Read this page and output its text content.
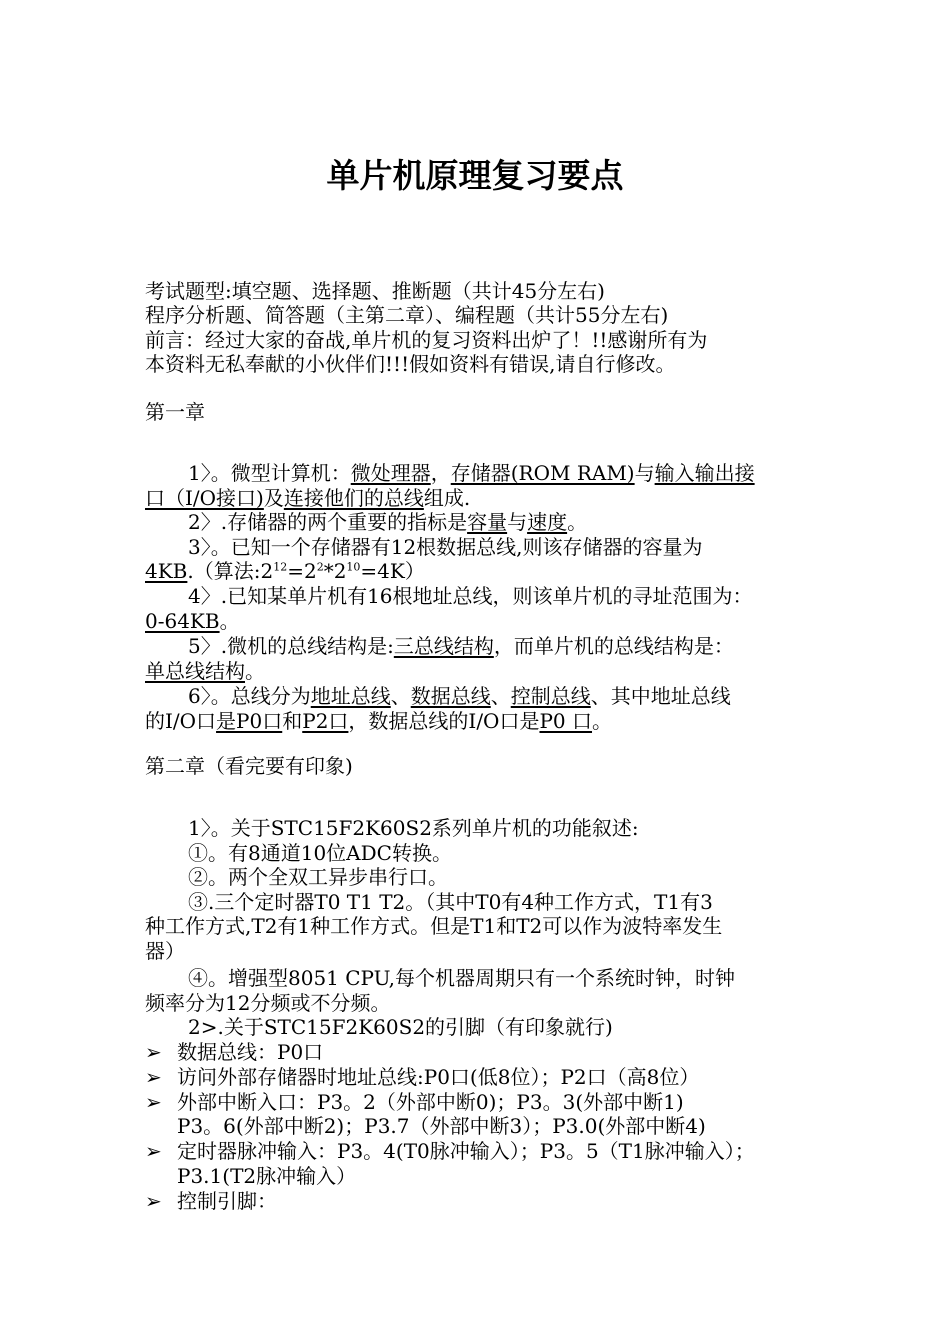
单片机原理复习要点
考试题型:填空题、选择题、推断题（共计45分左右)
程序分析题、简答题（主第二章）、编程题（共计55分左右)
前言：经过大家的奋战,单片机的复习资料出炉了！!!感谢所有为
本资料无私奉献的小伙伴们!!!假如资料有错误,请自行修改。
第一章
1〉。微型计算机：微处理器，存储器(ROM RAM)与输入输出接
口（I/O接口)及连接他们的总线组成.
2〉.存储器的两个重要的指标是容量与速度。
3〉。已知一个存储器有12根数据总线,则该存储器的容量为
4KB.（算法$:2^{12}=2^2*2^{10}=4K$）
4〉.已知某单片机有16根地址总线，则该单片机的寻址范围为：
0-64KB。
5〉.微机的总线结构是:三总线结构，而单片机的总线结构是：
单总线结构。
6〉。总线分为地址总线、数据总线、控制总线、其中地址总线
的I/O口是P0口和P2口，数据总线的I/O口是P0 口。
第二章（看完要有印象)
1〉。关于STC15F2K60S2系列单片机的功能叙述:
①。有8通道10位ADC转换。
②。两个全双工异步串行口。
③.三个定时器T0 T1 T2。（其中T0有4种工作方式，T1有3
种工作方式,T2有1种工作方式。但是T1和T2可以作为波特率发生
器）
④。增强型8051 CPU,每个机器周期只有一个系统时钟，时钟
频率分为12分频或不分频。
2>.关于STC15F2K60S2的引脚（有印象就行)
➢ 数据总线：P0口
➢ 访问外部存储器时地址总线:P0口(低8位）；P2口（高8位）
➢ 外部中断入口：P3。2（外部中断0)；P3。3(外部中断1)
P3。6(外部中断2)；P3.7（外部中断3）；P3.0(外部中断4)
➢ 定时器脉冲输入：P3。4(T0脉冲输入）；P3。5（T1脉冲输入）；
P3.1(T2脉冲输入）
➢ 控制引脚：
